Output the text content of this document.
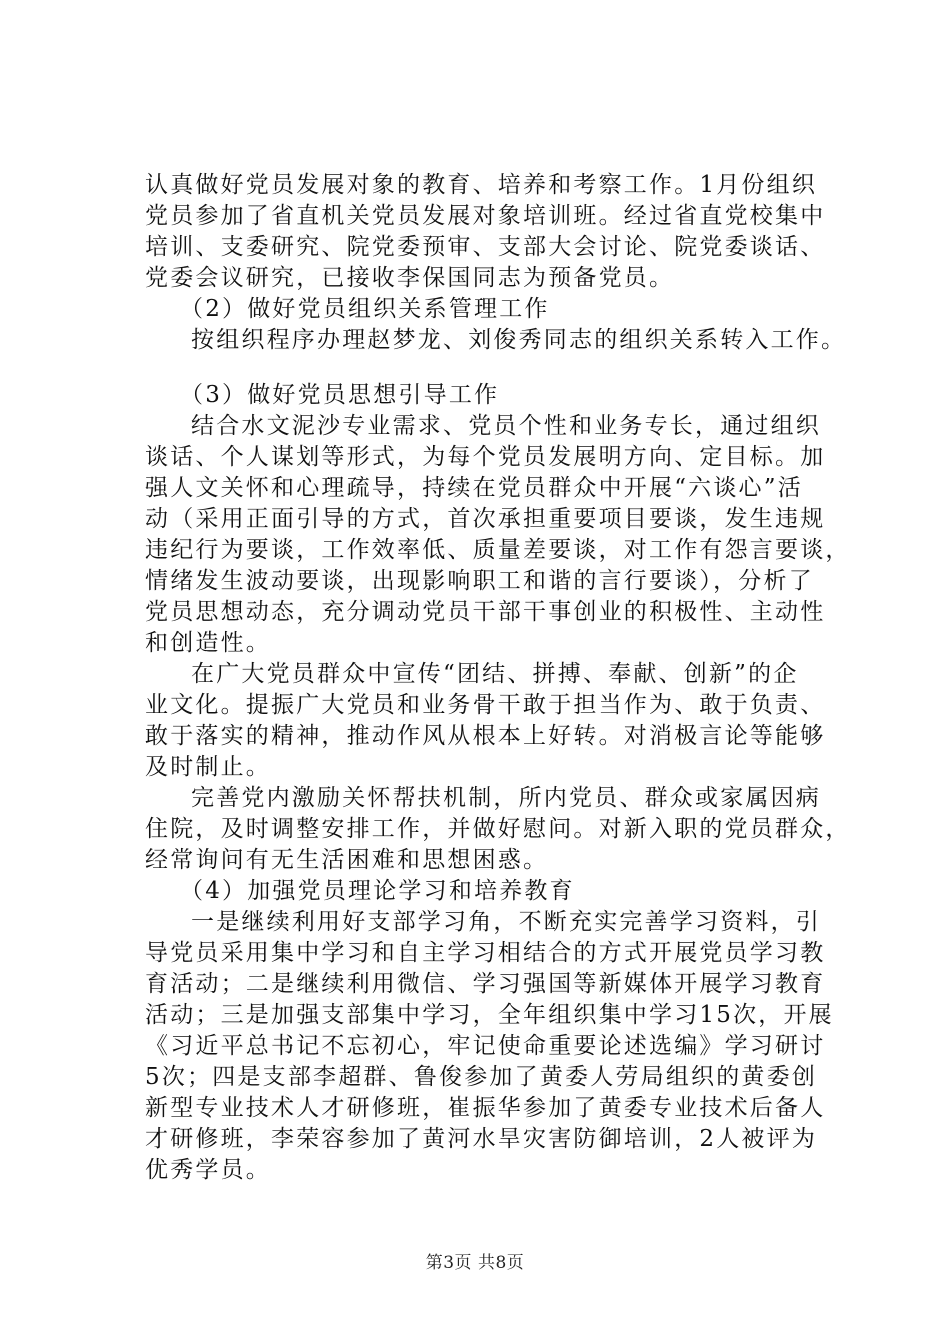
认真做好党员发展对象的教育、培养和考察工作。1月份组织
党员参加了省直机关党员发展对象培训班。经过省直党校集中
培训、支委研究、院党委预审、支部大会讨论、院党委谈话、
党委会议研究，已接收李保国同志为预备党员。
（2）做好党员组织关系管理工作
按组织程序办理赵梦龙、刘俊秀同志的组织关系转入工作。
（3）做好党员思想引导工作
结合水文泥沙专业需求、党员个性和业务专长，通过组织
谈话、个人谋划等形式，为每个党员发展明方向、定目标。加
强人文关怀和心理疏导，持续在党员群众中开展“六谈心”活
动（采用正面引导的方式，首次承担重要项目要谈，发生违规
违纪行为要谈，工作效率低、质量差要谈，对工作有怨言要谈，
情绪发生波动要谈，出现影响职工和谐的言行要谈），分析了
党员思想动态，充分调动党员干部干事创业的积极性、主动性
和创造性。
在广大党员群众中宣传“团结、拼搏、奉献、创新”的企
业文化。提振广大党员和业务骨干敢于担当作为、敢于负责、
敢于落实的精神，推动作风从根本上好转。对消极言论等能够
及时制止。
完善党内激励关怀帮扶机制，所内党员、群众或家属因病
住院，及时调整安排工作，并做好慰问。对新入职的党员群众，
经常询问有无生活困难和思想困惑。
（4）加强党员理论学习和培养教育
一是继续利用好支部学习角，不断充实完善学习资料，引
导党员采用集中学习和自主学习相结合的方式开展党员学习教
育活动；二是继续利用微信、学习强国等新媒体开展学习教育
活动；三是加强支部集中学习，全年组织集中学习15次，开展
《习近平总书记不忘初心，牢记使命重要论述选编》学习研讨
5次；四是支部李超群、鲁俊参加了黄委人劳局组织的黄委创
新型专业技术人才研修班，崔振华参加了黄委专业技术后备人
才研修班，李荣容参加了黄河水旱灾害防御培训，2人被评为
优秀学员。
第3页 共8页
